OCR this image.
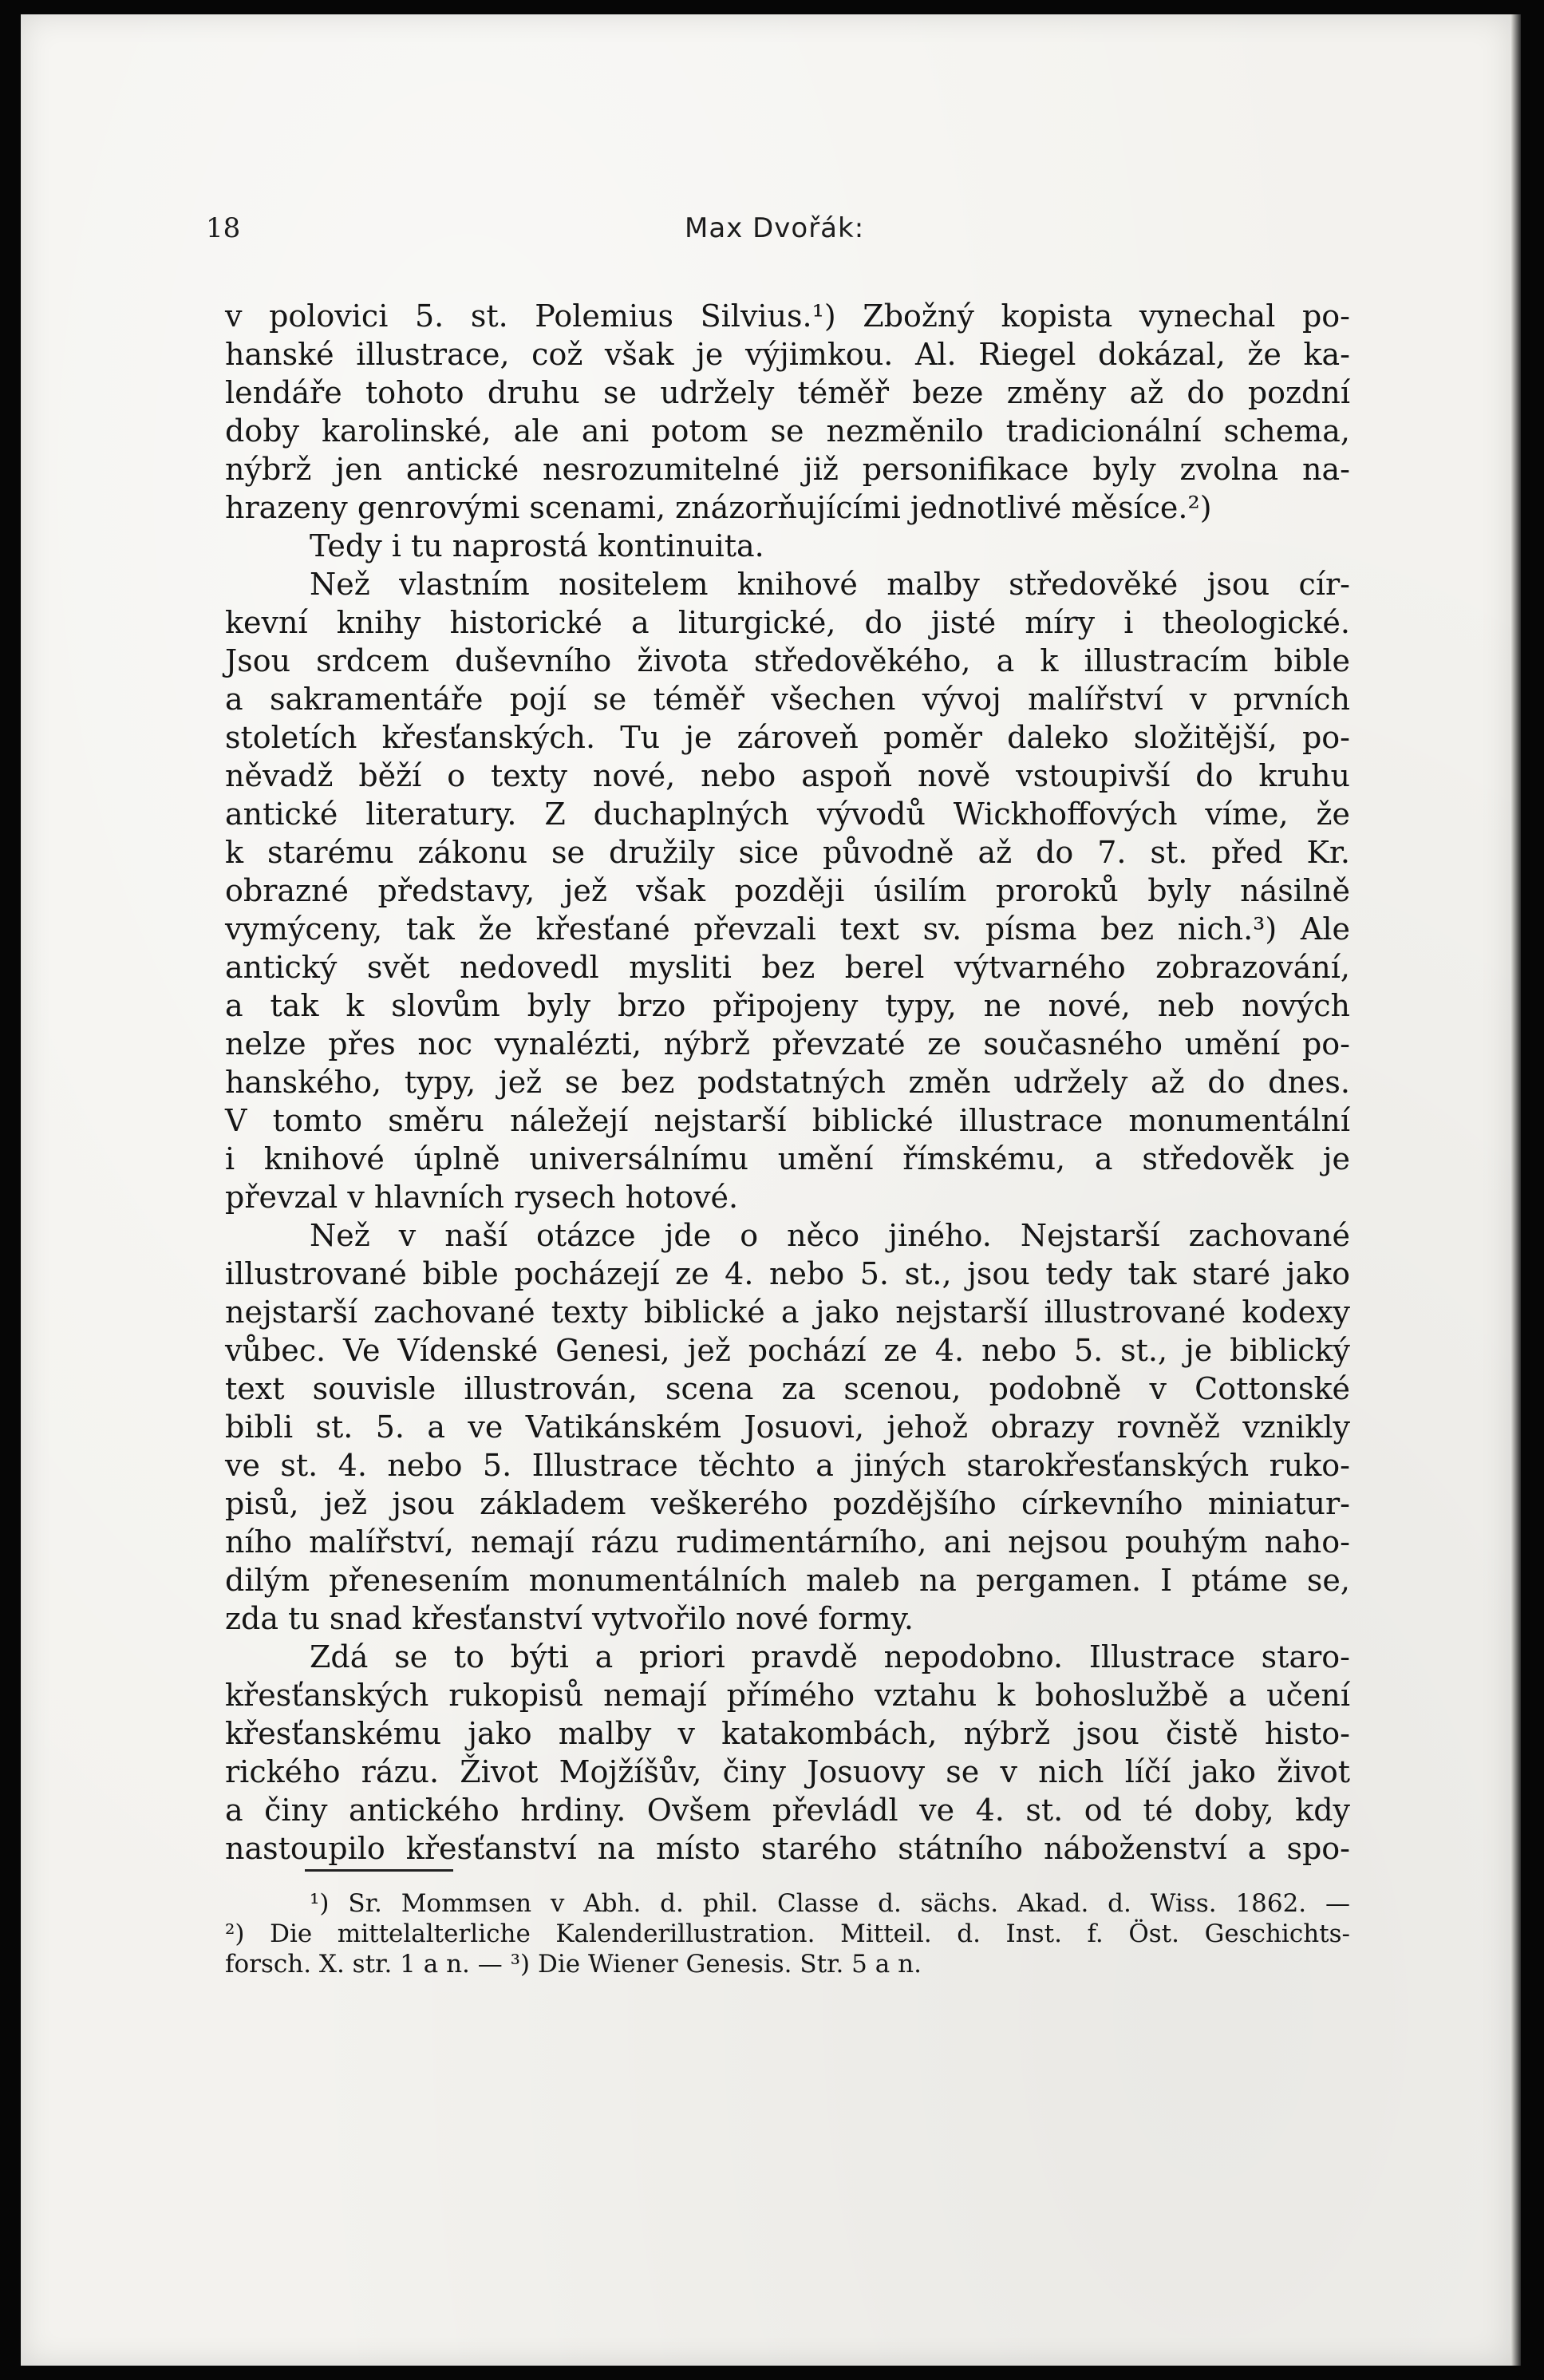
18	Max Dvořák:
v polovici 5. st. Polemius Silvius.¹) Zbožný kopista vynechal po-
hanské illustrace, což však je výjimkou. Al. Riegel dokázal, že ka-
lendáře tohoto druhu se udržely téměř beze změny až do pozdní
doby karolinské, ale ani potom se nezměnilo tradicionální schema,
nýbrž jen antické nesrozumitelné již personifikace byly zvolna na-
hrazeny genrovými scenami, znázorňujícími jednotlivé měsíce.²)
Tedy i tu naprostá kontinuita.
Než vlastním nositelem knihové malby středověké jsou cír-
kevní knihy historické a liturgické, do jisté míry i theologické.
Jsou srdcem duševního života středověkého, a k illustracím bible
a sakramentáře pojí se téměř všechen vývoj malířství v prvních
stoletích křesťanských. Tu je zároveň poměr daleko složitější, po-
něvadž běží o texty nové, nebo aspoň nově vstoupivší do kruhu
antické literatury. Z duchaplných vývodů Wickhoffových víme, že
k starému zákonu se družily sice původně až do 7. st. před Kr.
obrazné představy, jež však později úsilím proroků byly násilně
vymýceny, tak že křesťané převzali text sv. písma bez nich.³) Ale
antický svět nedovedl mysliti bez berel výtvarného zobrazování,
a tak k slovům byly brzo připojeny typy, ne nové, neb nových
nelze přes noc vynalézti, nýbrž převzaté ze současného umění po-
hanského, typy, jež se bez podstatných změn udržely až do dnes.
V tomto směru náležejí nejstarší biblické illustrace monumentální
i knihové úplně universálnímu umění římskému, a středověk je
převzal v hlavních rysech hotové.
Než v naší otázce jde o něco jiného. Nejstarší zachované
illustrované bible pocházejí ze 4. nebo 5. st., jsou tedy tak staré jako
nejstarší zachované texty biblické a jako nejstarší illustrované kodexy
vůbec. Ve Vídenské Genesi, jež pochází ze 4. nebo 5. st., je biblický
text souvisle illustrován, scena za scenou, podobně v Cottonské
bibli st. 5. a ve Vatikánském Josuovi, jehož obrazy rovněž vznikly
ve st. 4. nebo 5. Illustrace těchto a jiných starokřesťanských ruko-
pisů, jež jsou základem veškerého pozdějšího církevního miniatur-
ního malířství, nemají rázu rudimentárního, ani nejsou pouhým naho-
dilým přenesením monumentálních maleb na pergamen. I ptáme se,
zda tu snad křesťanství vytvořilo nové formy.
Zdá se to býti a priori pravdě nepodobno. Illustrace staro-
křesťanských rukopisů nemají přímého vztahu k bohoslužbě a učení
křesťanskému jako malby v katakombách, nýbrž jsou čistě histo-
rického rázu. Život Mojžíšův, činy Josuovy se v nich líčí jako život
a činy antického hrdiny. Ovšem převládl ve 4. st. od té doby, kdy
nastoupilo křesťanství na místo starého státního náboženství a spo-
¹) Sr. Mommsen v Abh. d. phil. Classe d. sächs. Akad. d. Wiss. 1862. —
²) Die mittelalterliche Kalenderillustration. Mitteil. d. Inst. f. Öst. Geschichts-
forsch. X. str. 1 a n. — ³) Die Wiener Genesis. Str. 5 a n.
